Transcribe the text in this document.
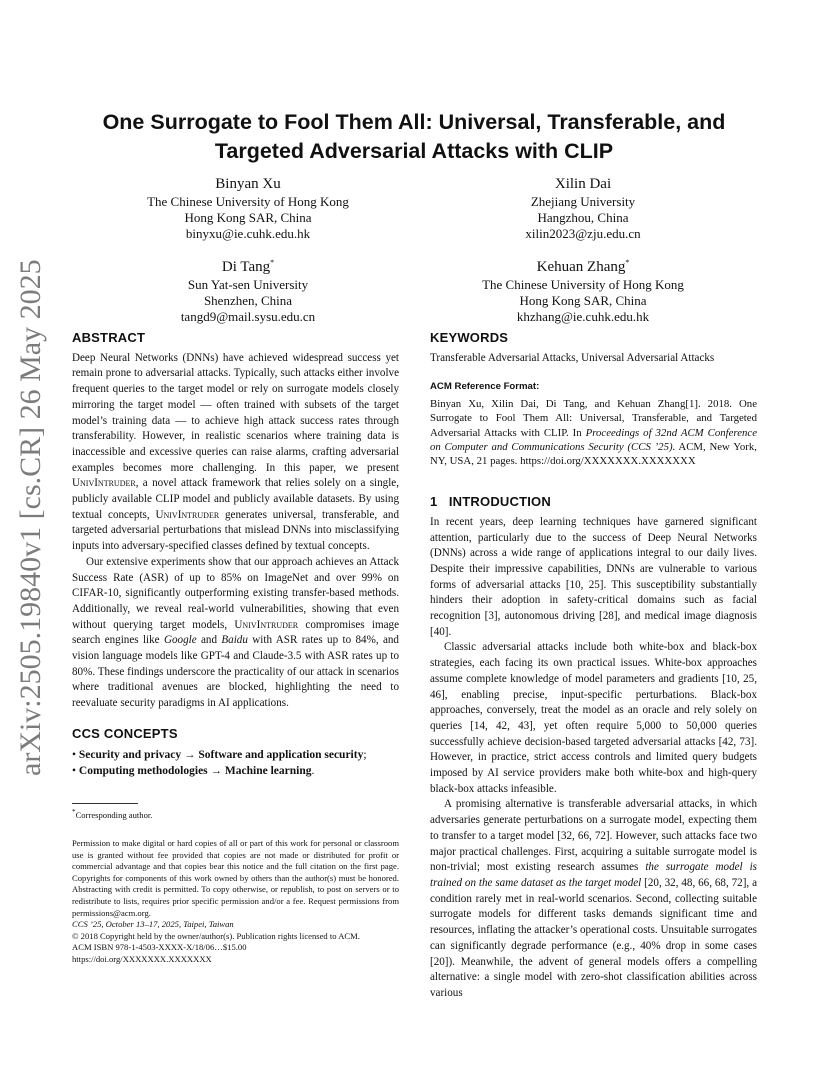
arXiv:2505.19840v1 [cs.CR] 26 May 2025
One Surrogate to Fool Them All: Universal, Transferable, and Targeted Adversarial Attacks with CLIP
Binyan Xu
The Chinese University of Hong Kong
Hong Kong SAR, China
binyxu@ie.cuhk.edu.hk
Xilin Dai
Zhejiang University
Hangzhou, China
xilin2023@zju.edu.cn
Di Tang*
Sun Yat-sen University
Shenzhen, China
tangd9@mail.sysu.edu.cn
Kehuan Zhang*
The Chinese University of Hong Kong
Hong Kong SAR, China
khzhang@ie.cuhk.edu.hk
ABSTRACT

Deep Neural Networks (DNNs) have achieved widespread success yet remain prone to adversarial attacks. Typically, such attacks either involve frequent queries to the target model or rely on surrogate models closely mirroring the target model — often trained with subsets of the target model’s training data — to achieve high attack success rates through transferability. However, in realistic scenarios where training data is inaccessible and excessive queries can raise alarms, crafting adversarial examples becomes more challenging. In this paper, we present UnivIntruder, a novel attack framework that relies solely on a single, publicly available CLIP model and publicly available datasets. By using textual concepts, UnivIntruder generates universal, transferable, and targeted adversarial perturbations that mislead DNNs into misclassifying inputs into adversary-specified classes defined by textual concepts.

Our extensive experiments show that our approach achieves an Attack Success Rate (ASR) of up to 85% on ImageNet and over 99% on CIFAR-10, significantly outperforming existing transfer-based methods. Additionally, we reveal real-world vulnerabilities, showing that even without querying target models, UnivIntruder compromises image search engines like Google and Baidu with ASR rates up to 84%, and vision language models like GPT-4 and Claude-3.5 with ASR rates up to 80%. These findings underscore the practicality of our attack in scenarios where traditional avenues are blocked, highlighting the need to reevaluate security paradigms in AI applications.

CCS CONCEPTS

• Security and privacy → Software and application security;

• Computing methodologies → Machine learning.

*Corresponding author.
Permission to make digital or hard copies of all or part of this work for personal or classroom use is granted without fee provided that copies are not made or distributed for profit or commercial advantage and that copies bear this notice and the full citation on the first page. Copyrights for components of this work owned by others than the author(s) must be honored. Abstracting with credit is permitted. To copy otherwise, or republish, to post on servers or to redistribute to lists, requires prior specific permission and/or a fee. Request permissions from permissions@acm.org.
CCS ’25, October 13–17, 2025, Taipei, Taiwan
© 2018 Copyright held by the owner/author(s). Publication rights licensed to ACM.
ACM ISBN 978-1-4503-XXXX-X/18/06…$15.00
https://doi.org/XXXXXXX.XXXXXXX
KEYWORDS

Transferable Adversarial Attacks, Universal Adversarial Attacks

ACM Reference Format:
Binyan Xu, Xilin Dai, Di Tang, and Kehuan Zhang[1]. 2018. One Surrogate to Fool Them All: Universal, Transferable, and Targeted Adversarial Attacks with CLIP. In Proceedings of 32nd ACM Conference on Computer and Communications Security (CCS ’25). ACM, New York, NY, USA, 21 pages. https://doi.org/XXXXXXX.XXXXXXX
1 INTRODUCTION

In recent years, deep learning techniques have garnered significant attention, particularly due to the success of Deep Neural Networks (DNNs) across a wide range of applications integral to our daily lives. Despite their impressive capabilities, DNNs are vulnerable to various forms of adversarial attacks [10, 25]. This susceptibility substantially hinders their adoption in safety-critical domains such as facial recognition [3], autonomous driving [28], and medical image diagnosis [40].

Classic adversarial attacks include both white-box and black-box strategies, each facing its own practical issues. White-box approaches assume complete knowledge of model parameters and gradients [10, 25, 46], enabling precise, input-specific perturbations. Black-box approaches, conversely, treat the model as an oracle and rely solely on queries [14, 42, 43], yet often require 5,000 to 50,000 queries successfully achieve decision-based targeted adversarial attacks [42, 73]. However, in practice, strict access controls and limited query budgets imposed by AI service providers make both white-box and high-query black-box attacks infeasible.

A promising alternative is transferable adversarial attacks, in which adversaries generate perturbations on a surrogate model, expecting them to transfer to a target model [32, 66, 72]. However, such attacks face two major practical challenges. First, acquiring a suitable surrogate model is non-trivial; most existing research assumes the surrogate model is trained on the same dataset as the target model [20, 32, 48, 66, 68, 72], a condition rarely met in real-world scenarios. Second, collecting suitable surrogate models for different tasks demands significant time and resources, inflating the attacker’s operational costs. Unsuitable surrogates can significantly degrade performance (e.g., 40% drop in some cases [20]). Meanwhile, the advent of general models offers a compelling alternative: a single model with zero-shot classification abilities across various
